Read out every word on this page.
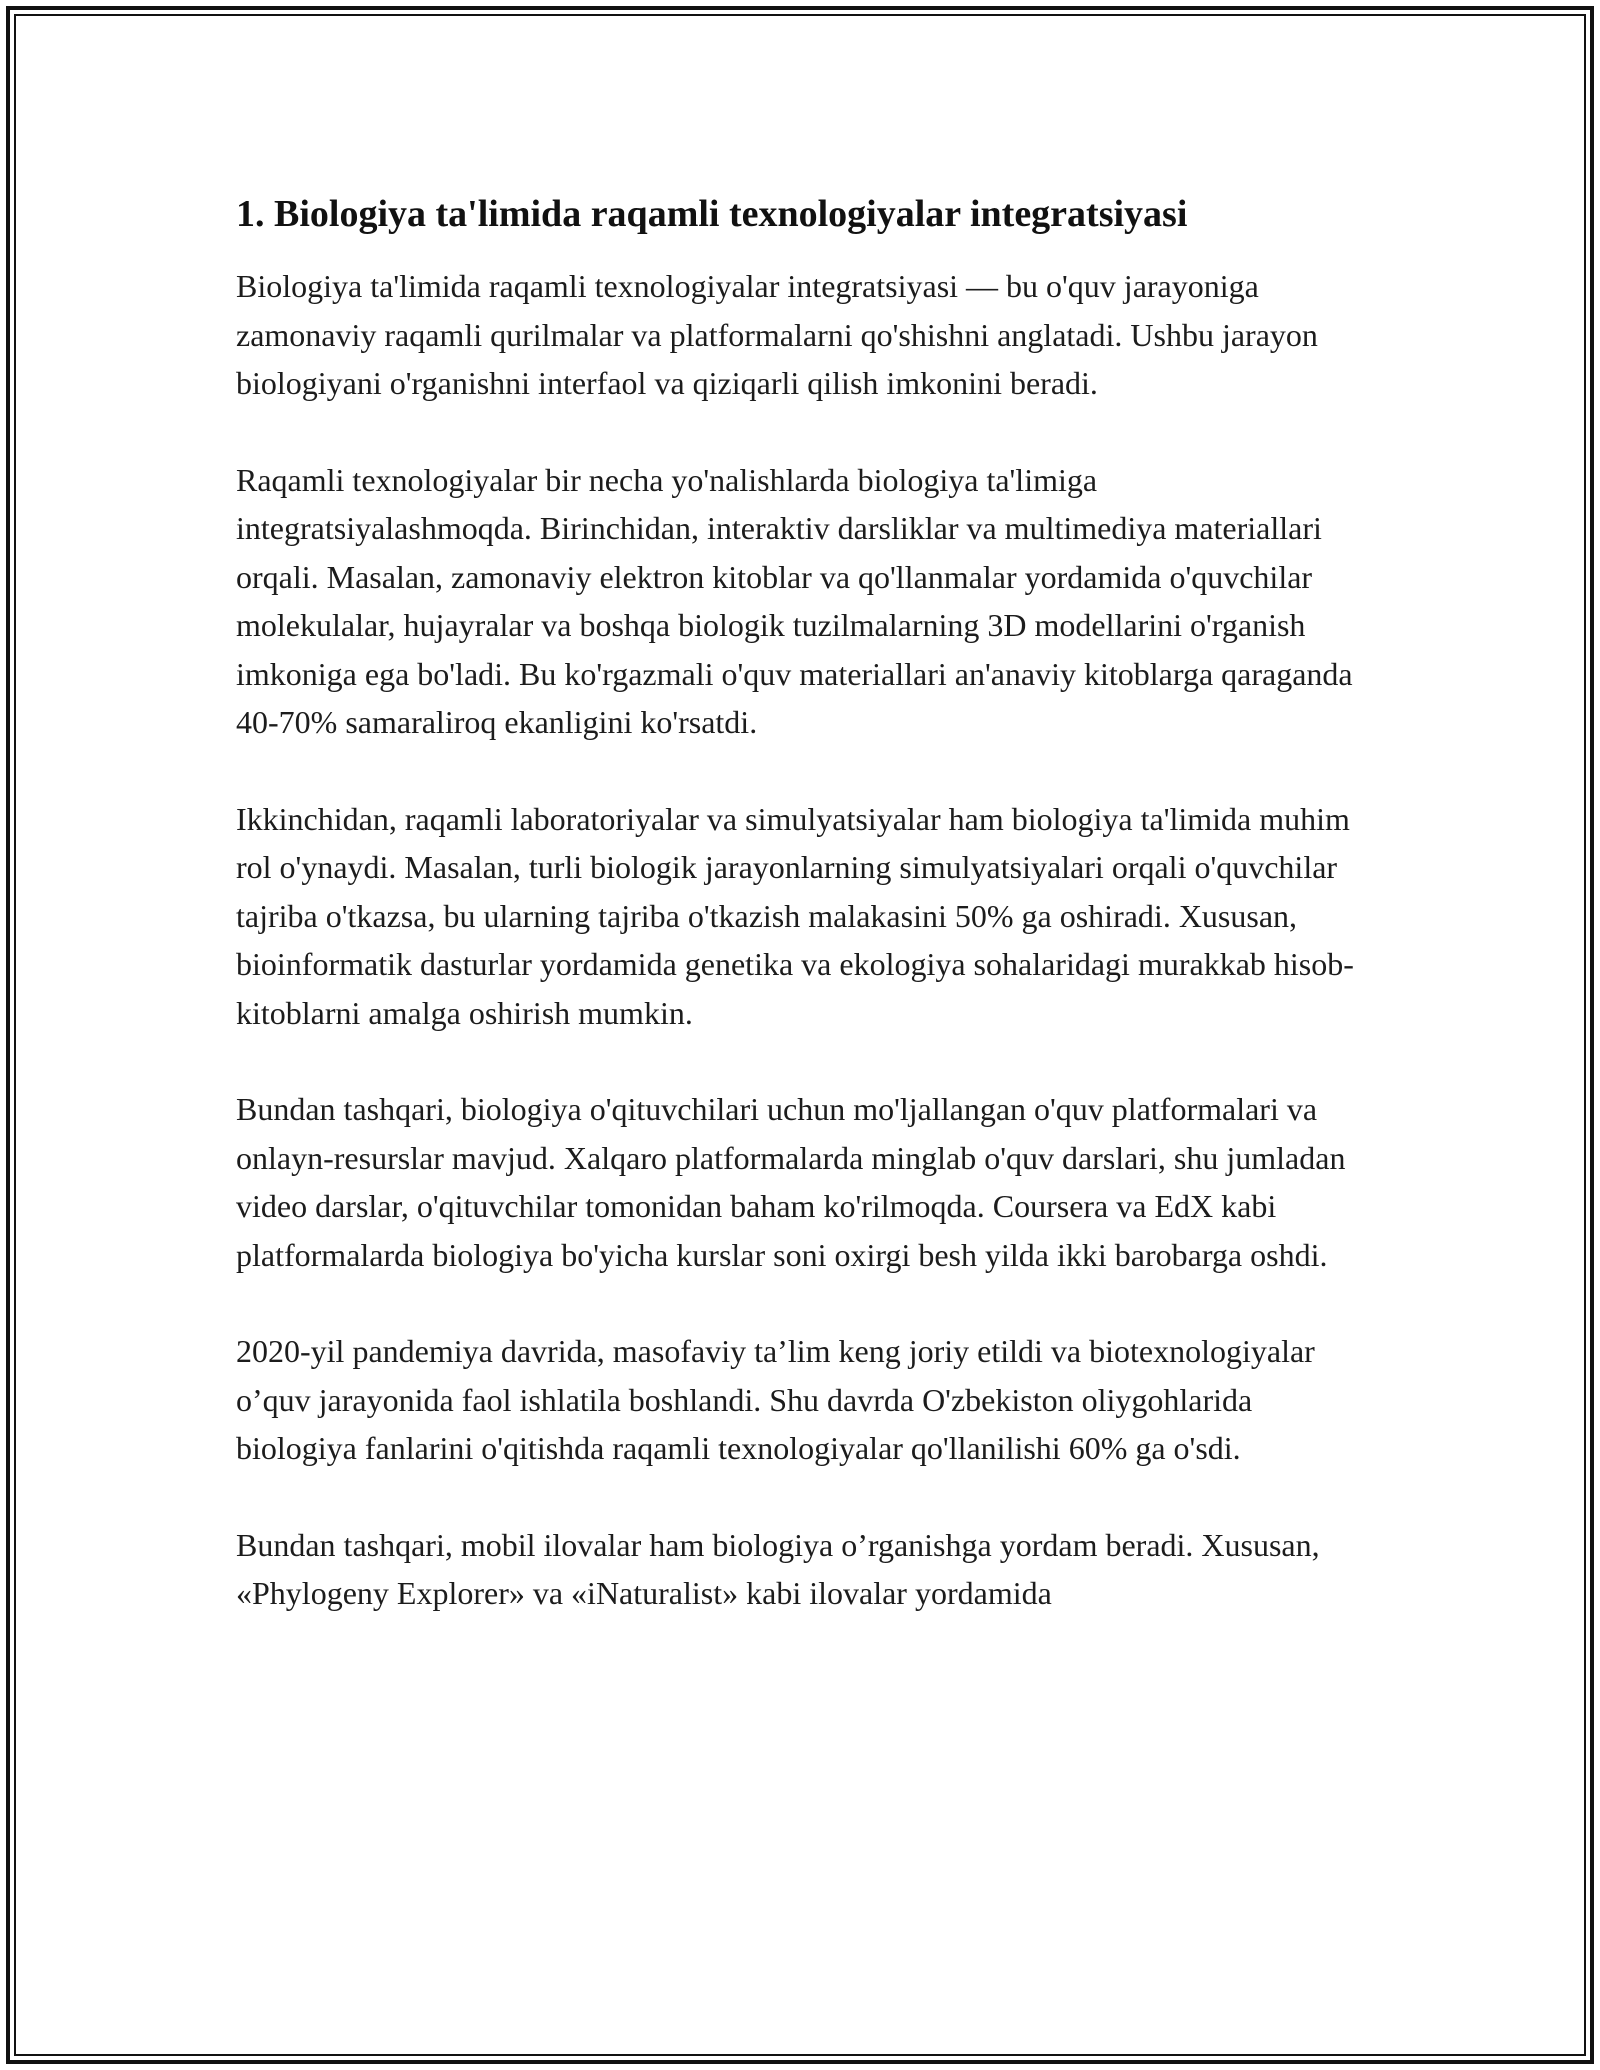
1. Biologiya ta'limida raqamli texnologiyalar integratsiyasi

Biologiya ta'limida raqamli texnologiyalar integratsiyasi — bu o'quv jarayoniga zamonaviy raqamli qurilmalar va platformalarni qo'shishni anglatadi. Ushbu jarayon biologiyani o'rganishni interfaol va qiziqarli qilish imkonini beradi.

Raqamli texnologiyalar bir necha yo'nalishlarda biologiya ta'limiga integratsiyalashmoqda. Birinchidan, interaktiv darsliklar va multimediya materiallari orqali. Masalan, zamonaviy elektron kitoblar va qo'llanmalar yordamida o'quvchilar molekulalar, hujayralar va boshqa biologik tuzilmalarning 3D modellarini o'rganish imkoniga ega bo'ladi. Bu ko'rgazmali o'quv materiallari an'anaviy kitoblarga qaraganda 40-70% samaraliroq ekanligini ko'rsatdi.

Ikkinchidan, raqamli laboratoriyalar va simulyatsiyalar ham biologiya ta'limida muhim rol o'ynaydi. Masalan, turli biologik jarayonlarning simulyatsiyalari orqali o'quvchilar tajriba o'tkazsa, bu ularning tajriba o'tkazish malakasini 50% ga oshiradi. Xususan, bioinformatik dasturlar yordamida genetika va ekologiya sohalaridagi murakkab hisob-kitoblarni amalga oshirish mumkin.

Bundan tashqari, biologiya o'qituvchilari uchun mo'ljallangan o'quv platformalari va onlayn-resurslar mavjud. Xalqaro platformalarda minglab o'quv darslari, shu jumladan video darslar, o'qituvchilar tomonidan baham ko'rilmoqda. Coursera va EdX kabi platformalarda biologiya bo'yicha kurslar soni oxirgi besh yilda ikki barobarga oshdi.

2020-yil pandemiya davrida, masofaviy ta’lim keng joriy etildi va biotexnologiyalar o’quv jarayonida faol ishlatila boshlandi. Shu davrda O'zbekiston oliygohlarida biologiya fanlarini o'qitishda raqamli texnologiyalar qo'llanilishi 60% ga o'sdi.

Bundan tashqari, mobil ilovalar ham biologiya o’rganishga yordam beradi. Xususan, «Phylogeny Explorer» va «iNaturalist» kabi ilovalar yordamida
